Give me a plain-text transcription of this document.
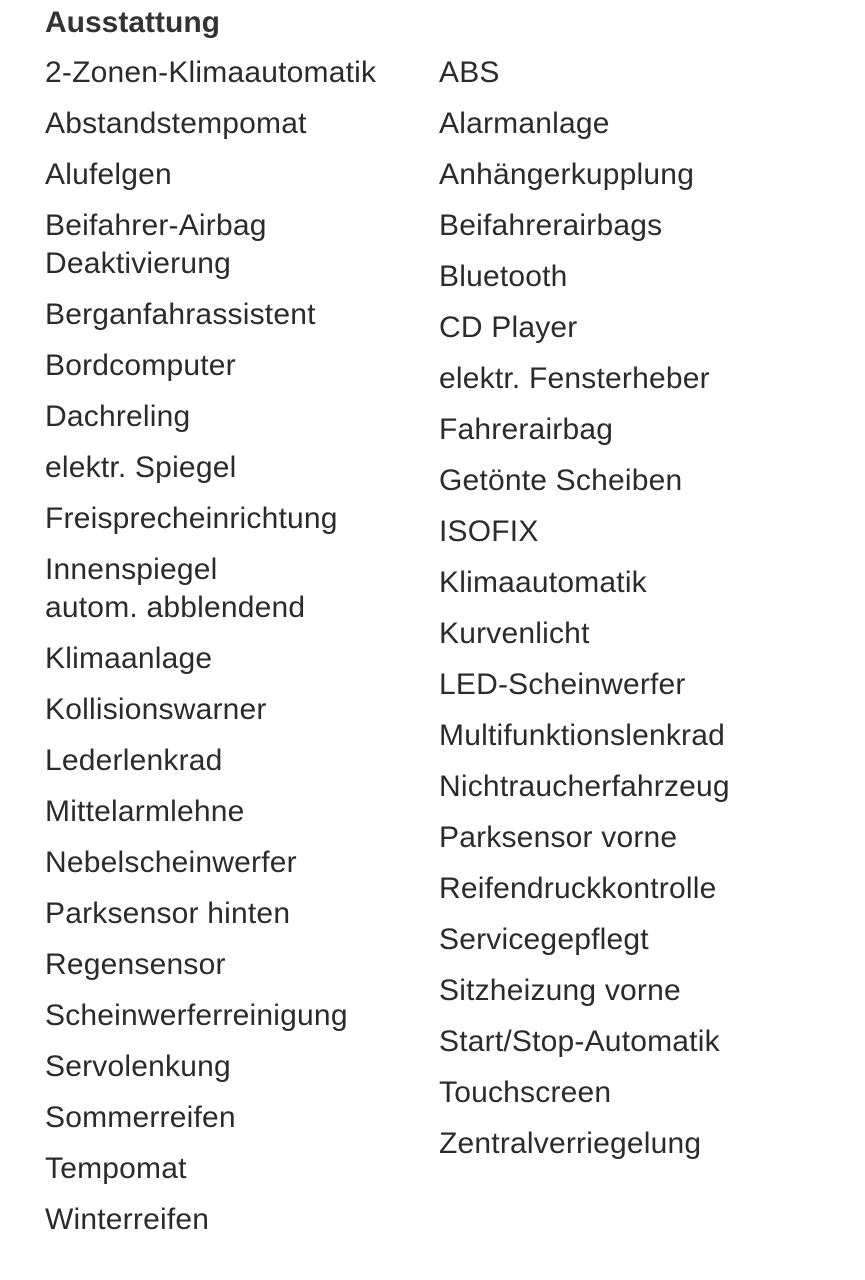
Ausstattung
2-Zonen-Klimaautomatik
Abstandstempomat
Alufelgen
Beifahrer-Airbag
Deaktivierung
Berganfahrassistent
Bordcomputer
Dachreling
elektr. Spiegel
Freisprecheinrichtung
Innenspiegel
autom. abblendend
Klimaanlage
Kollisionswarner
Lederlenkrad
Mittelarmlehne
Nebelscheinwerfer
Parksensor hinten
Regensensor
Scheinwerferreinigung
Servolenkung
Sommerreifen
Tempomat
Winterreifen
ABS
Alarmanlage
Anhängerkupplung
Beifahrerairbags
Bluetooth
CD Player
elektr. Fensterheber
Fahrerairbag
Getönte Scheiben
ISOFIX
Klimaautomatik
Kurvenlicht
LED-Scheinwerfer
Multifunktionslenkrad
Nichtraucherfahrzeug
Parksensor vorne
Reifendruckkontrolle
Servicegepflegt
Sitzheizung vorne
Start/Stop-Automatik
Touchscreen
Zentralverriegelung
